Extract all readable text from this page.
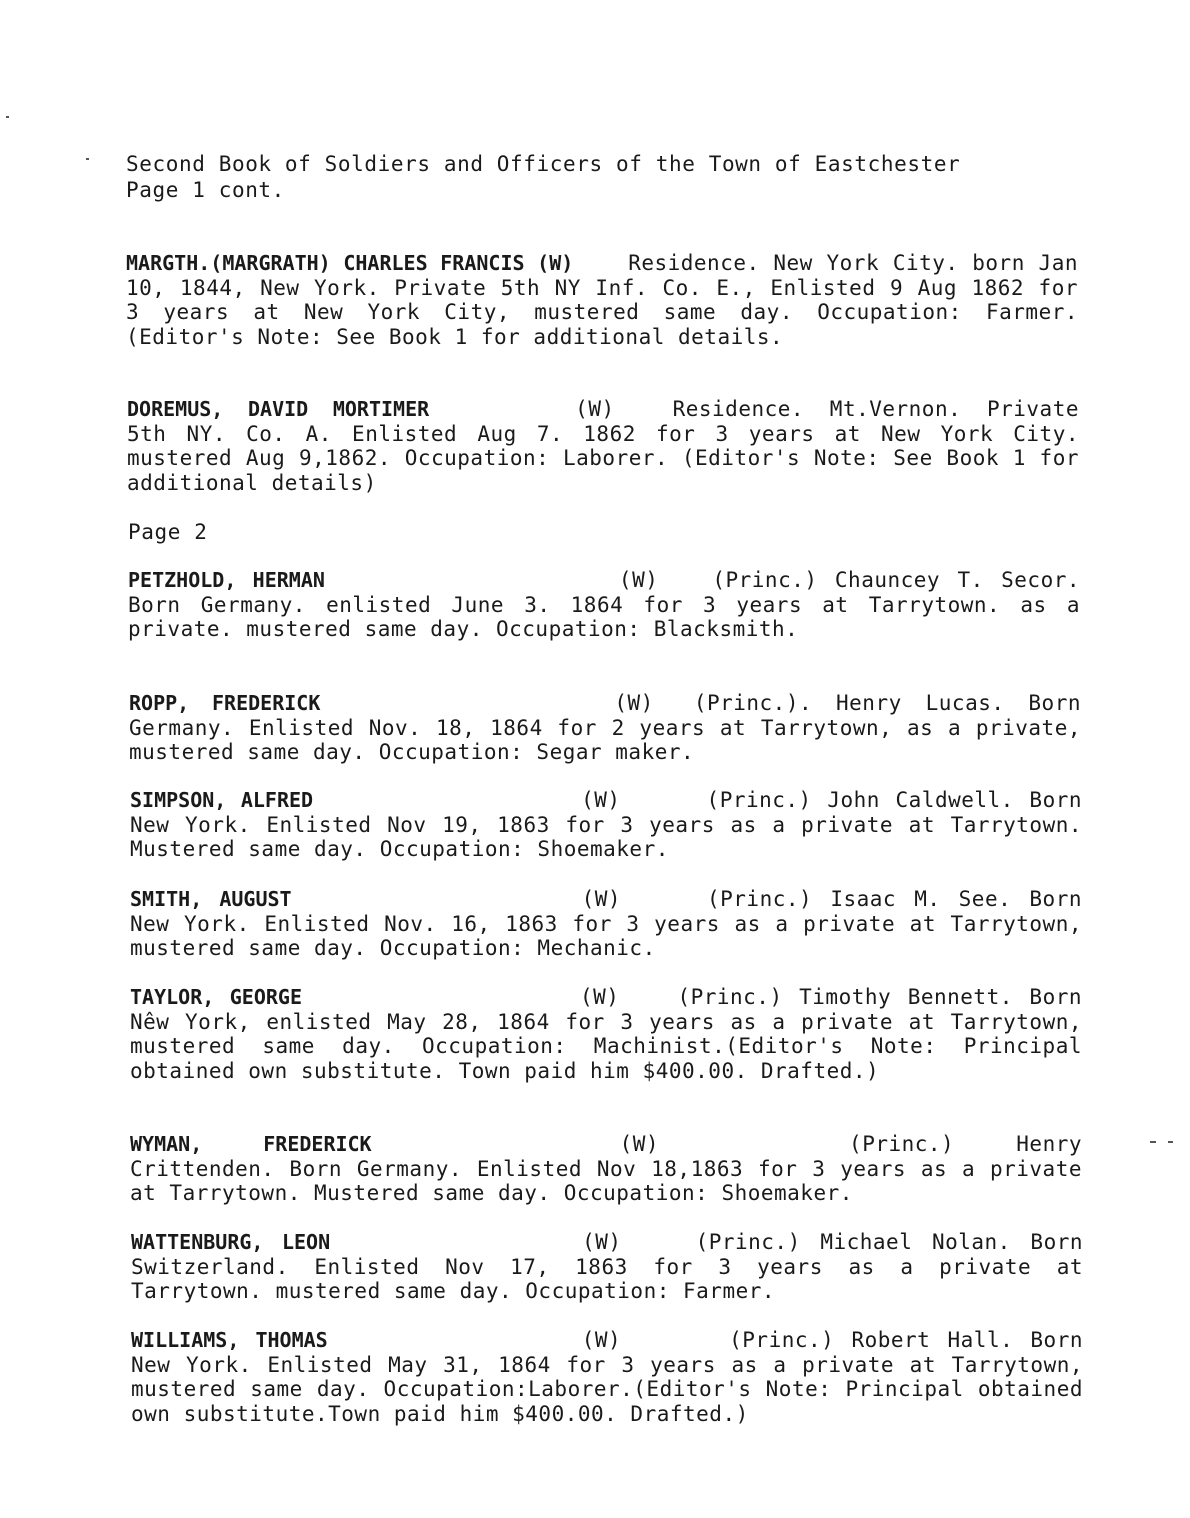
Second Book of Soldiers and Officers of the Town of Eastchester
Page 1 cont.
MARGTH.(MARGRATH) CHARLES FRANCIS (W)	Residence. New York City. born Jan 10, 1844, New York. Private 5th NY Inf. Co. E., Enlisted 9 Aug 1862 for 3 years at New York City, mustered same day. Occupation: Farmer. (Editor's Note: See Book 1 for additional details.
DOREMUS, DAVID MORTIMER	(W)	Residence. Mt.Vernon. Private 5th NY. Co. A. Enlisted Aug 7. 1862 for 3 years at New York City. mustered Aug 9,1862. Occupation: Laborer. (Editor's Note: See Book 1 for additional details)
Page 2
PETZHOLD, HERMAN	(W)	(Princ.) Chauncey T. Secor. Born Germany. enlisted June 3. 1864 for 3 years at Tarrytown. as a private. mustered same day. Occupation: Blacksmith.
ROPP, FREDERICK	(W) (Princ.). Henry Lucas. Born Germany. Enlisted Nov. 18, 1864 for 2 years at Tarrytown, as a private, mustered same day. Occupation: Segar maker.
SIMPSON, ALFRED	(W)	(Princ.) John Caldwell. Born New York. Enlisted Nov 19, 1863 for 3 years as a private at Tarrytown. Mustered same day. Occupation: Shoemaker.
SMITH, AUGUST	(W)	(Princ.) Isaac M. See. Born New York. Enlisted Nov. 16, 1863 for 3 years as a private at Tarrytown, mustered same day. Occupation: Mechanic.
TAYLOR, GEORGE	(W)	(Princ.) Timothy Bennett. Born Nêw York, enlisted May 28, 1864 for 3 years as a private at Tarrytown, mustered same day. Occupation: Machinist.(Editor's Note: Principal obtained own substitute. Town paid him $400.00. Drafted.)
WYMAN, FREDERICK	(W)	(Princ.) Henry Crittenden. Born Germany. Enlisted Nov 18,1863 for 3 years as a private at Tarrytown. Mustered same day. Occupation: Shoemaker.
WATTENBURG, LEON	(W)	(Princ.) Michael Nolan. Born Switzerland. Enlisted Nov 17, 1863 for 3 years as a private at Tarrytown. mustered same day. Occupation: Farmer.
WILLIAMS, THOMAS	(W)	(Princ.) Robert Hall. Born New York. Enlisted May 31, 1864 for 3 years as a private at Tarrytown, mustered same day. Occupation:Laborer.(Editor's Note: Principal obtained own substitute.Town paid him $400.00. Drafted.)
